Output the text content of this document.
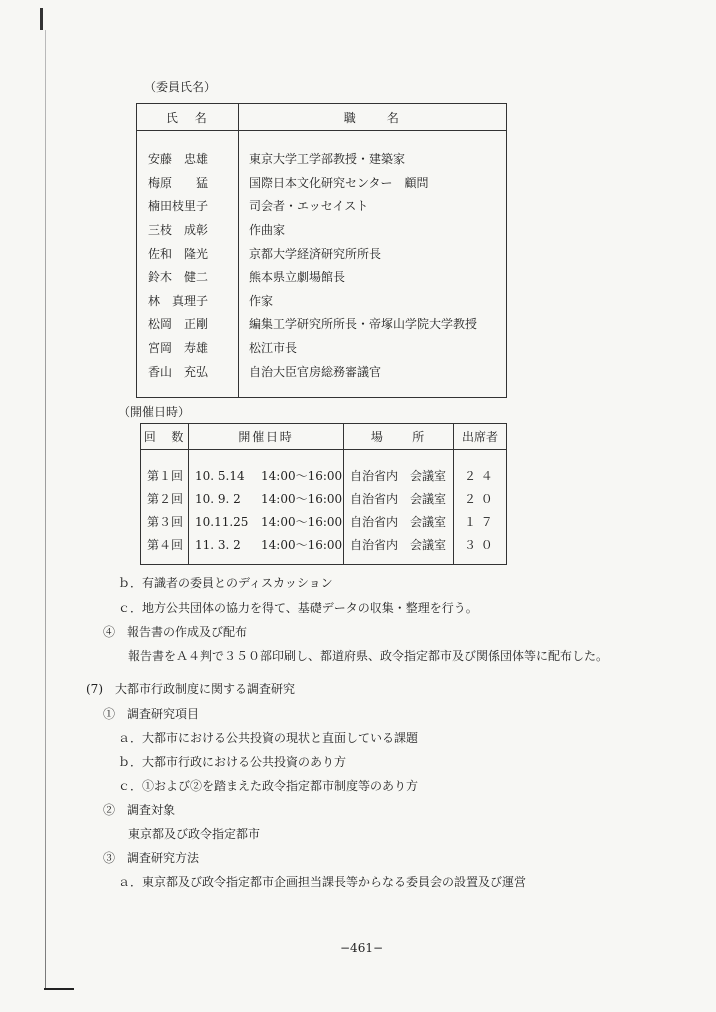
（委員氏名）
氏　名	職　　名
安藤　忠雄	東京大学工学部教授・建築家
梅原　　猛	国際日本文化研究センター　顧問
楠田枝里子	司会者・エッセイスト
三枝　成彰	作曲家
佐和　隆光	京都大学経済研究所所長
鈴木　健二	熊本県立劇場館長
林　真理子	作家
松岡　正剛	編集工学研究所所長・帝塚山学院大学教授
宮岡　寿雄	松江市長
香山　充弘	自治大臣官房総務審議官
（開催日時）
回　数	開催日時	場　　所	出席者
第１回	10. 5.14 14:00～16:00	自治省内　会議室	２４
第２回	10. 9. 2 14:00～16:00	自治省内　会議室	２０
第３回	10.11.25 14:00～16:00	自治省内　会議室	１７
第４回	11. 3. 2 14:00～16:00	自治省内　会議室	３０
ｂ．有識者の委員とのディスカッション
ｃ．地方公共団体の協力を得て、基礎データの収集・整理を行う。
④　報告書の作成及び配布
報告書をＡ４判で３５０部印刷し、都道府県、政令指定都市及び関係団体等に配布した。
(7)　大都市行政制度に関する調査研究
①　調査研究項目
ａ．大都市における公共投資の現状と直面している課題
ｂ．大都市行政における公共投資のあり方
ｃ．①および②を踏まえた政令指定都市制度等のあり方
②　調査対象
東京都及び政令指定都市
③　調査研究方法
ａ．東京都及び政令指定都市企画担当課長等からなる委員会の設置及び運営
−461−
